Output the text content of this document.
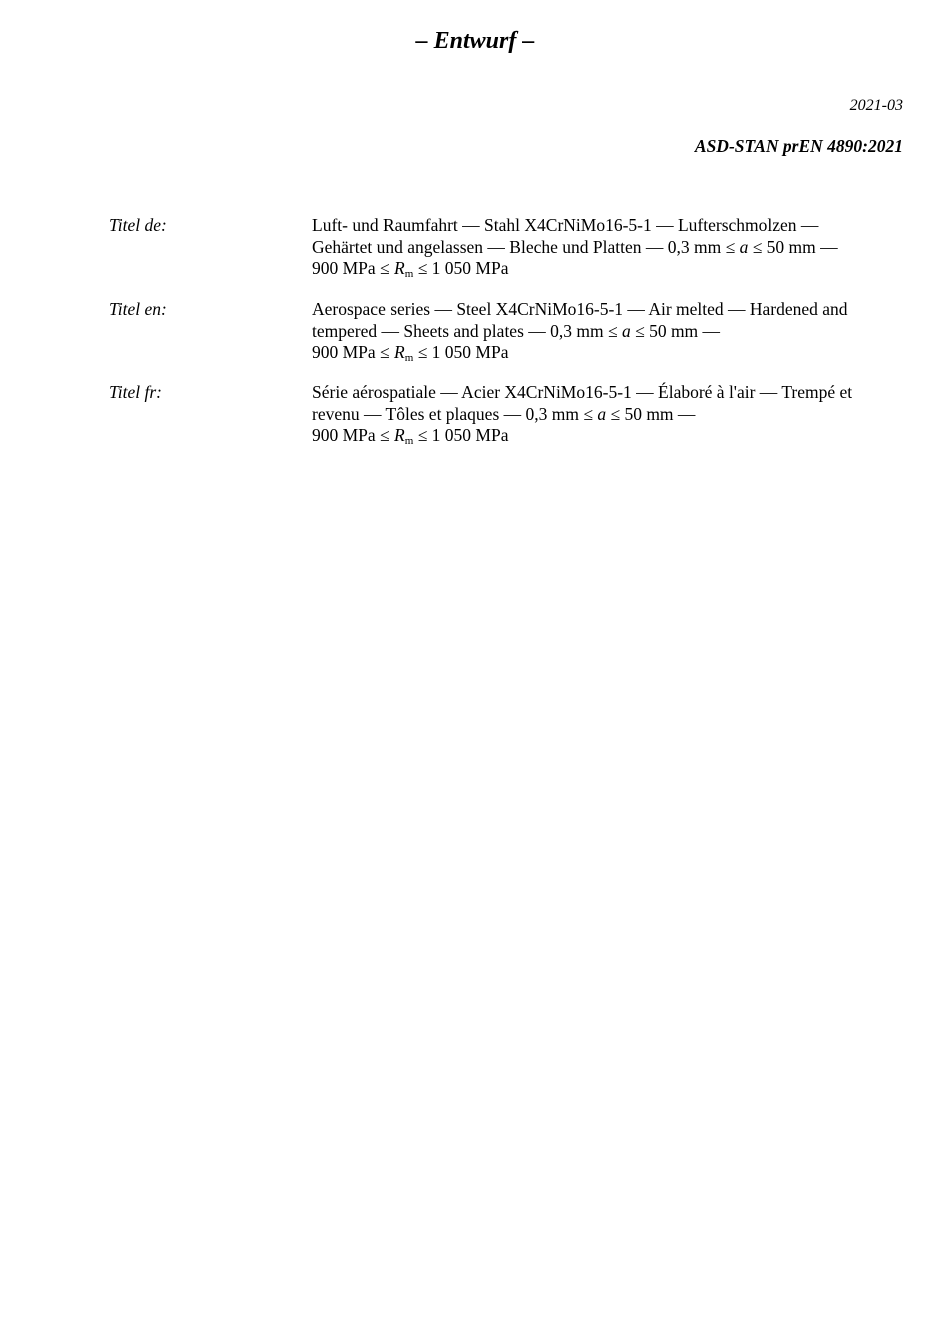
– Entwurf –
2021-03
ASD-STAN prEN 4890:2021
Titel de:	Luft- und Raumfahrt — Stahl X4CrNiMo16-5-1 — Lufterschmolzen —
Gehärtet und angelassen — Bleche und Platten — 0,3 mm ≤ a ≤ 50 mm —
900 MPa ≤ Rm ≤ 1 050 MPa
Titel en:	Aerospace series — Steel X4CrNiMo16-5-1 — Air melted — Hardened and
tempered — Sheets and plates — 0,3 mm ≤ a ≤ 50 mm —
900 MPa ≤ Rm ≤ 1 050 MPa
Titel fr:	Série aérospatiale — Acier X4CrNiMo16-5-1 — Élaboré à l'air — Trempé et
revenu — Tôles et plaques — 0,3 mm ≤ a ≤ 50 mm —
900 MPa ≤ Rm ≤ 1 050 MPa
